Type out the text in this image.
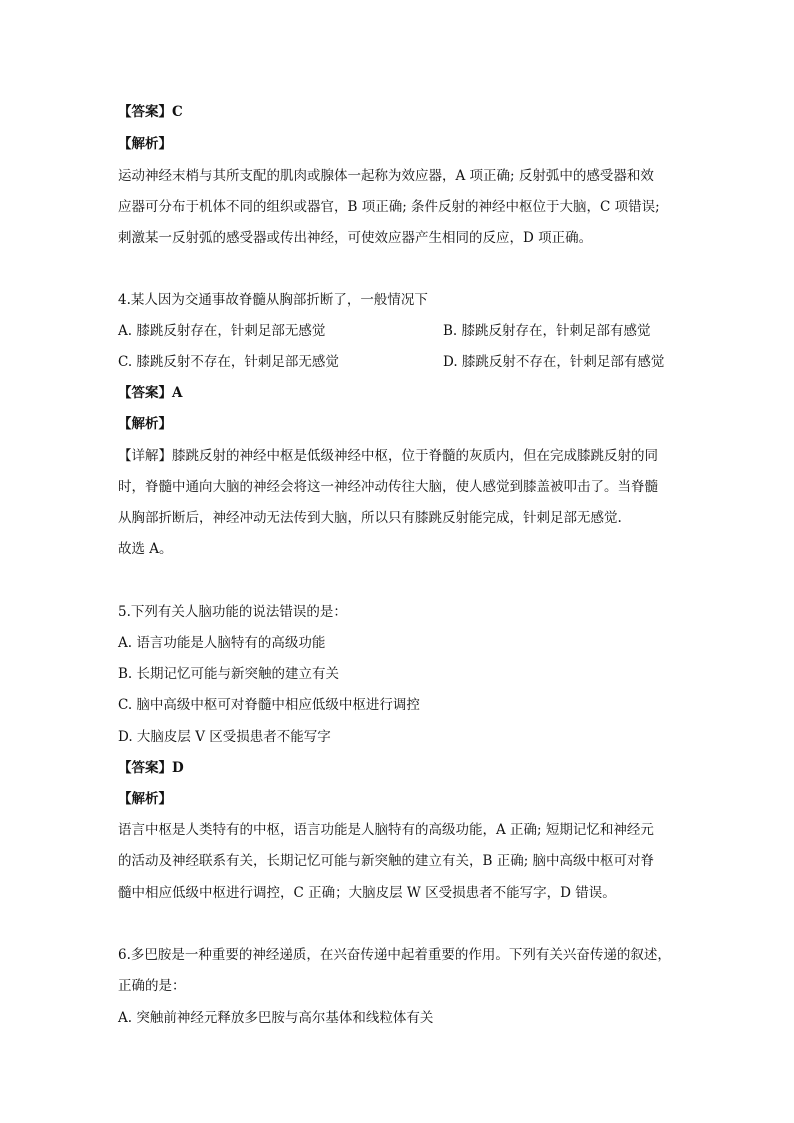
【答案】C
【解析】
运动神经末梢与其所支配的肌肉或腺体一起称为效应器，A 项正确; 反射弧中的感受器和效
应器可分布于机体不同的组织或器官，B 项正确; 条件反射的神经中枢位于大脑，C 项错误;
刺激某一反射弧的感受器或传出神经，可使效应器产生相同的反应，D 项正确。
4.某人因为交通事故脊髓从胸部折断了，一般情况下
A. 膝跳反射存在，针刺足部无感觉	B. 膝跳反射存在，针刺足部有感觉
C. 膝跳反射不存在，针刺足部无感觉	D. 膝跳反射不存在，针刺足部有感觉
【答案】A
【解析】
【详解】膝跳反射的神经中枢是低级神经中枢，位于脊髓的灰质内，但在完成膝跳反射的同
时，脊髓中通向大脑的神经会将这一神经冲动传往大脑，使人感觉到膝盖被叩击了。当脊髓
从胸部折断后，神经冲动无法传到大脑，所以只有膝跳反射能完成，针刺足部无感觉.
故选 A。
5.下列有关人脑功能的说法错误的是：
A. 语言功能是人脑特有的高级功能
B. 长期记忆可能与新突触的建立有关
C. 脑中高级中枢可对脊髓中相应低级中枢进行调控
D. 大脑皮层 V 区受损患者不能写字
【答案】D
【解析】
语言中枢是人类特有的中枢，语言功能是人脑特有的高级功能，A 正确; 短期记忆和神经元
的活动及神经联系有关，长期记忆可能与新突触的建立有关，B 正确; 脑中高级中枢可对脊
髓中相应低级中枢进行调控，C 正确；大脑皮层 W 区受损患者不能写字，D 错误。
6.多巴胺是一种重要的神经递质，在兴奋传递中起着重要的作用。下列有关兴奋传递的叙述，
正确的是：
A. 突触前神经元释放多巴胺与高尔基体和线粒体有关
